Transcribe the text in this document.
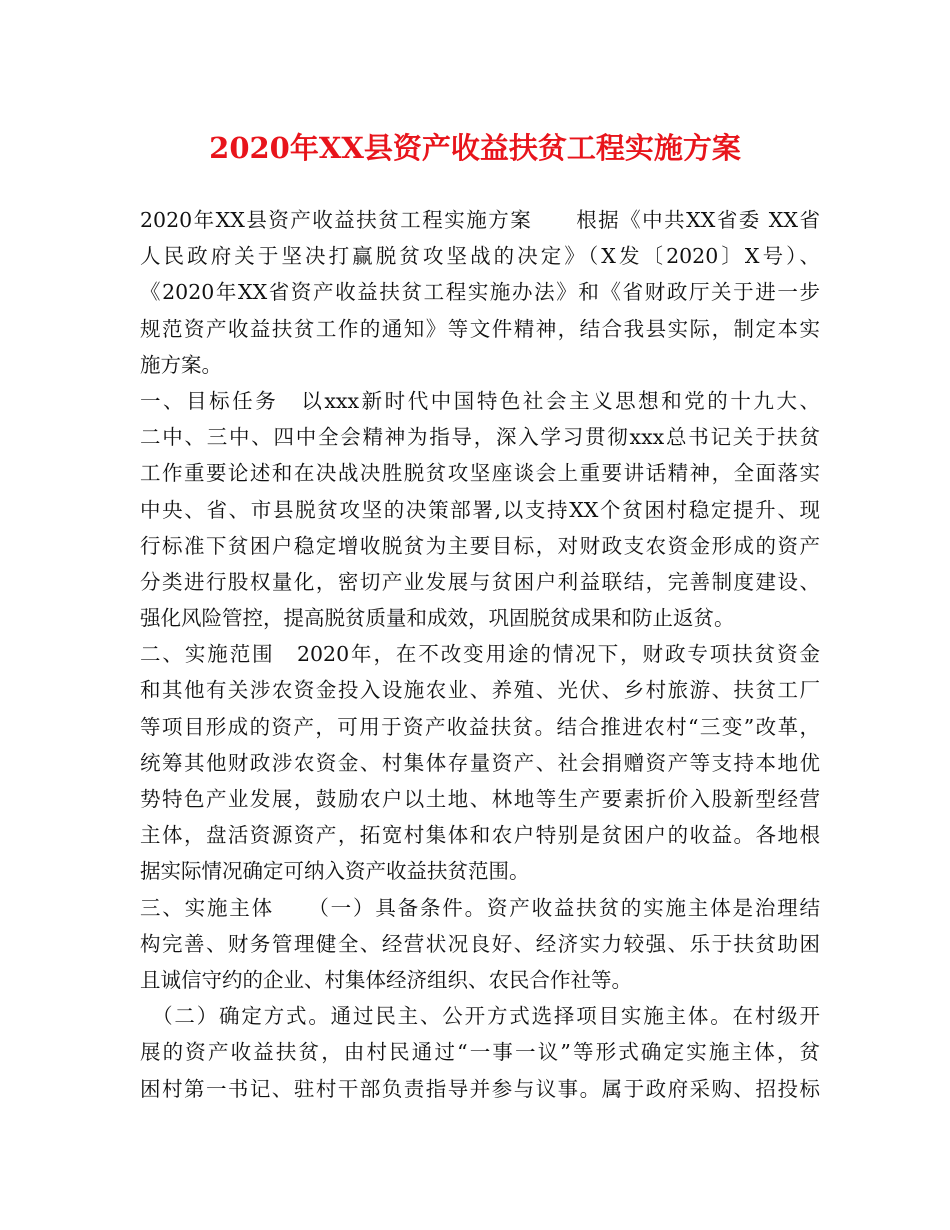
2020年XX县资产收益扶贫工程实施方案
2020年XX县资产收益扶贫工程实施方案　　根据《中共XX省委 XX省
人民政府关于坚决打赢脱贫攻坚战的决定》（X发〔2020〕X号）、
《2020年XX省资产收益扶贫工程实施办法》和《省财政厅关于进一步
规范资产收益扶贫工作的通知》等文件精神，结合我县实际，制定本实
施方案。
一、目标任务　以xxx新时代中国特色社会主义思想和党的十九大、
二中、三中、四中全会精神为指导，深入学习贯彻xxx总书记关于扶贫
工作重要论述和在决战决胜脱贫攻坚座谈会上重要讲话精神，全面落实
中央、省、市县脱贫攻坚的决策部署,以支持XX个贫困村稳定提升、现
行标准下贫困户稳定增收脱贫为主要目标，对财政支农资金形成的资产
分类进行股权量化，密切产业发展与贫困户利益联结，完善制度建设、
强化风险管控，提高脱贫质量和成效，巩固脱贫成果和防止返贫。
二、实施范围　2020年，在不改变用途的情况下，财政专项扶贫资金
和其他有关涉农资金投入设施农业、养殖、光伏、乡村旅游、扶贫工厂
等项目形成的资产，可用于资产收益扶贫。结合推进农村“三变”改革，
统筹其他财政涉农资金、村集体存量资产、社会捐赠资产等支持本地优
势特色产业发展，鼓励农户以土地、林地等生产要素折价入股新型经营
主体，盘活资源资产，拓宽村集体和农户特别是贫困户的收益。各地根
据实际情况确定可纳入资产收益扶贫范围。
三、实施主体　　（一）具备条件。资产收益扶贫的实施主体是治理结
构完善、财务管理健全、经营状况良好、经济实力较强、乐于扶贫助困
且诚信守约的企业、村集体经济组织、农民合作社等。
　（二）确定方式。通过民主、公开方式选择项目实施主体。在村级开
展的资产收益扶贫，由村民通过“一事一议”等形式确定实施主体，贫
困村第一书记、驻村干部负责指导并参与议事。属于政府采购、招投标
